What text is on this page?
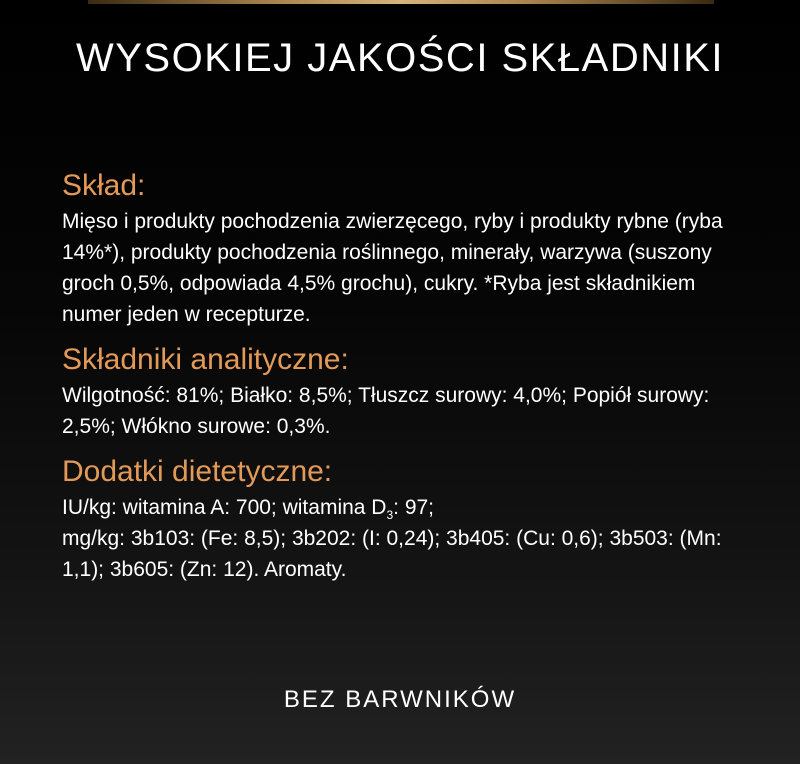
WYSOKIEJ JAKOŚCI SKŁADNIKI
Skład:

Mięso i produkty pochodzenia zwierzęcego, ryby i produkty rybne (ryba 14%*), produkty pochodzenia roślinnego, minerały, warzywa (suszony groch 0,5%, odpowiada 4,5% grochu), cukry. *Ryba jest składnikiem numer jeden w recepturze.

Składniki analityczne:

Wilgotność: 81%; Białko: 8,5%; Tłuszcz surowy: 4,0%; Popiół surowy: 2,5%; Włókno surowe: 0,3%.

Dodatki dietetyczne:

IU/kg: witamina A: 700; witamina $D_3$: 97;
mg/kg: 3b103: (Fe: 8,5); 3b202: (I: 0,24); 3b405: (Cu: 0,6); 3b503: (Mn: 1,1); 3b605: (Zn: 12). Aromaty.

BEZ BARWNIKÓW
